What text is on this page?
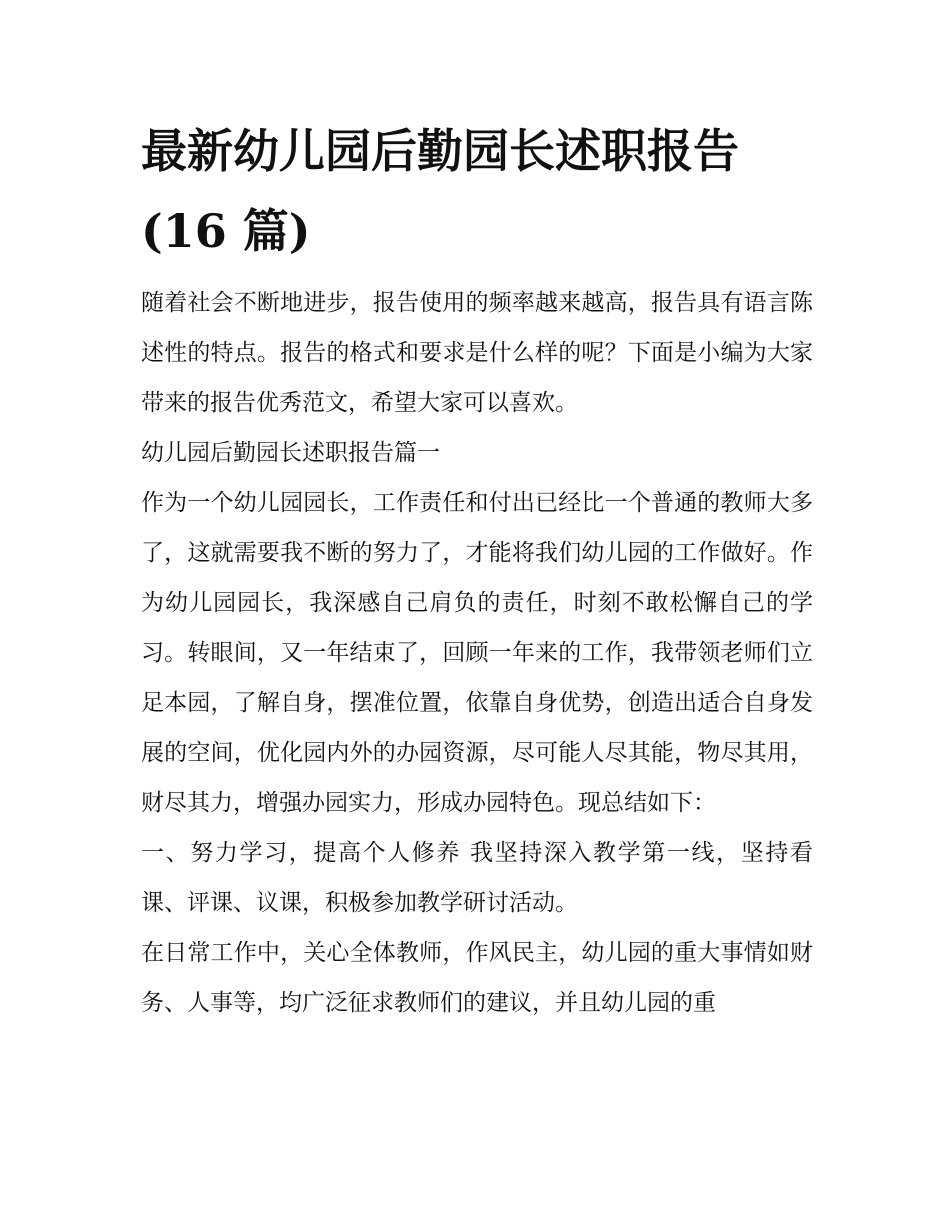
最新幼儿园后勤园长述职报告
(16 篇)

随着社会不断地进步，报告使用的频率越来越高，报告具有语言陈述性的特点。报告的格式和要求是什么样的呢？下面是小编为大家带来的报告优秀范文，希望大家可以喜欢。

幼儿园后勤园长述职报告篇一

作为一个幼儿园园长，工作责任和付出已经比一个普通的教师大多了，这就需要我不断的努力了，才能将我们幼儿园的工作做好。作为幼儿园园长，我深感自己肩负的责任，时刻不敢松懈自己的学习。转眼间，又一年结束了，回顾一年来的工作，我带领老师们立足本园，了解自身，摆准位置，依靠自身优势，创造出适合自身发展的空间，优化园内外的办园资源，尽可能人尽其能，物尽其用，财尽其力，增强办园实力，形成办园特色。现总结如下：

一、努力学习，提高个人修养 我坚持深入教学第一线，坚持看课、评课、议课，积极参加教学研讨活动。

在日常工作中，关心全体教师，作风民主，幼儿园的重大事情如财务、人事等，均广泛征求教师们的建议，并且幼儿园的重
